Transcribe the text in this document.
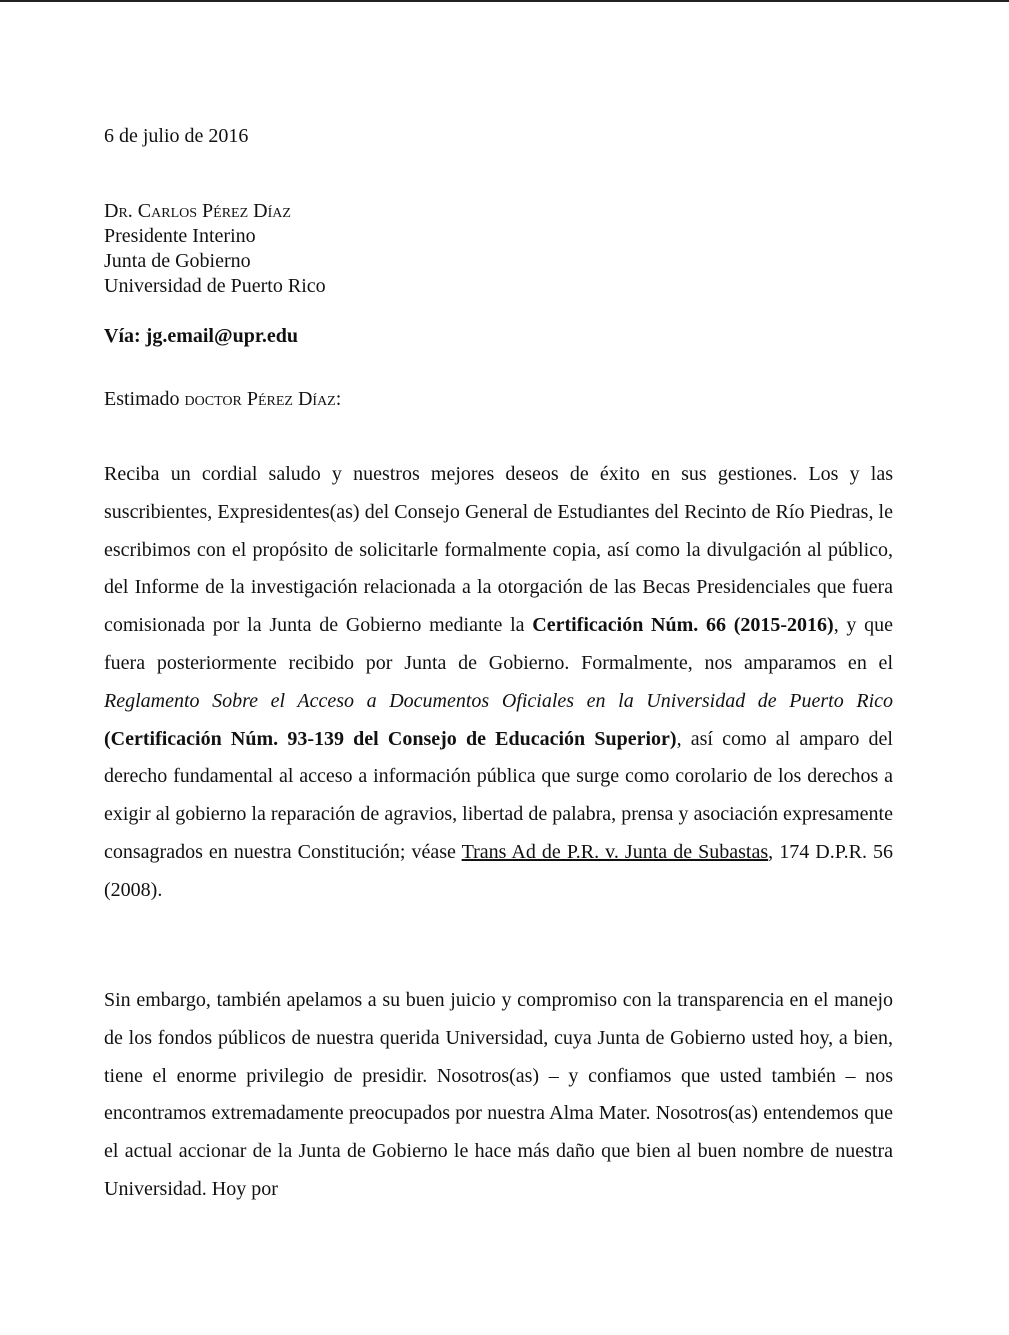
6 de julio de 2016
Dr. Carlos Pérez Díaz
Presidente Interino
Junta de Gobierno
Universidad de Puerto Rico
Vía: jg.email@upr.edu
Estimado doctor Pérez Díaz:

Reciba un cordial saludo y nuestros mejores deseos de éxito en sus gestiones. Los y las suscribientes, Expresidentes(as) del Consejo General de Estudiantes del Recinto de Río Piedras, le escribimos con el propósito de solicitarle formalmente copia, así como la divulgación al público, del Informe de la investigación relacionada a la otorgación de las Becas Presidenciales que fuera comisionada por la Junta de Gobierno mediante la Certificación Núm. 66 (2015-2016), y que fuera posteriormente recibido por Junta de Gobierno. Formalmente, nos amparamos en el Reglamento Sobre el Acceso a Documentos Oficiales en la Universidad de Puerto Rico (Certificación Núm. 93-139 del Consejo de Educación Superior), así como al amparo del derecho fundamental al acceso a información pública que surge como corolario de los derechos a exigir al gobierno la reparación de agravios, libertad de palabra, prensa y asociación expresamente consagrados en nuestra Constitución; véase Trans Ad de P.R. v. Junta de Subastas, 174 D.P.R. 56 (2008).

Sin embargo, también apelamos a su buen juicio y compromiso con la transparencia en el manejo de los fondos públicos de nuestra querida Universidad, cuya Junta de Gobierno usted hoy, a bien, tiene el enorme privilegio de presidir. Nosotros(as) – y confiamos que usted también – nos encontramos extremadamente preocupados por nuestra Alma Mater. Nosotros(as) entendemos que el actual accionar de la Junta de Gobierno le hace más daño que bien al buen nombre de nuestra Universidad. Hoy por
